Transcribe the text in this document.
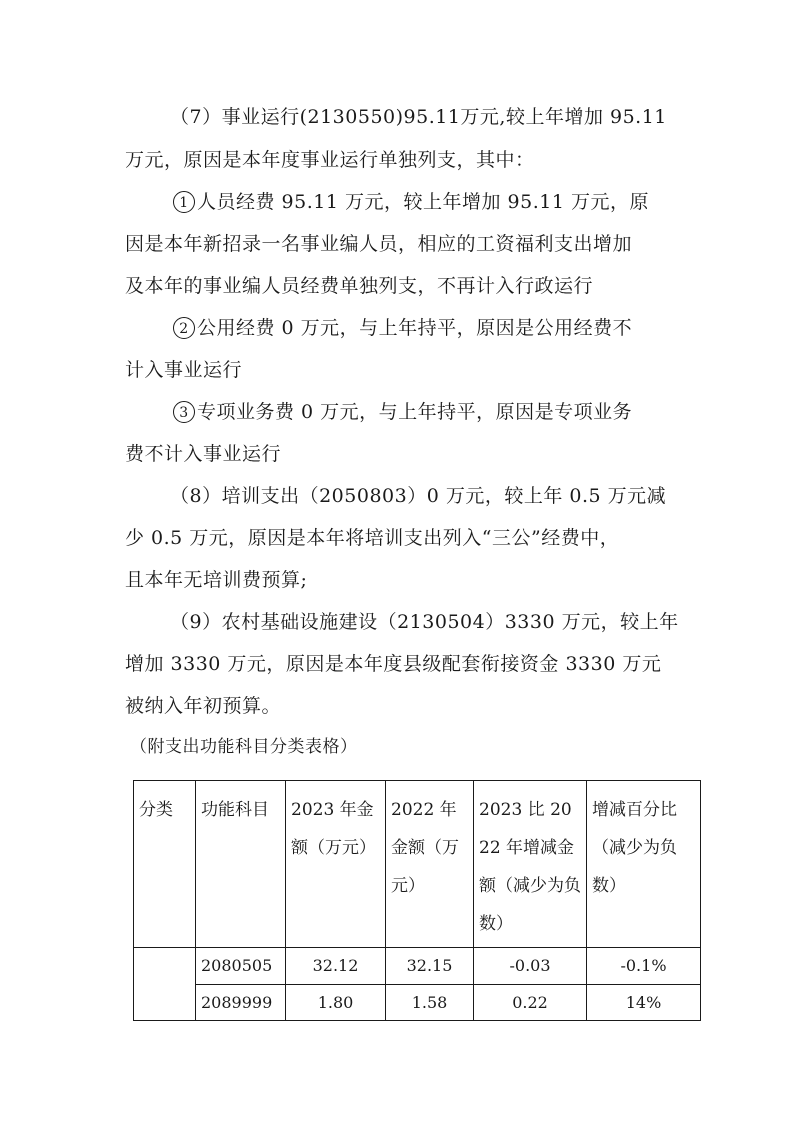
（7）事业运行(2130550)95.11万元,较上年增加 95.11
万元，原因是本年度事业运行单独列支，其中：
1 人员经费 95.11 万元，较上年增加 95.11 万元，原
因是本年新招录一名事业编人员，相应的工资福利支出增加
及本年的事业编人员经费单独列支，不再计入行政运行
2 公用经费 0 万元，与上年持平，原因是公用经费不
计入事业运行
3 专项业务费 0 万元，与上年持平，原因是专项业务
费不计入事业运行
（8）培训支出（2050803）0 万元，较上年 0.5 万元减
少 0.5 万元，原因是本年将培训支出列入“三公”经费中，
且本年无培训费预算;
（9）农村基础设施建设（2130504）3330 万元，较上年
增加 3330 万元，原因是本年度县级配套衔接资金 3330 万元
被纳入年初预算。
（附支出功能科目分类表格）
分类	功能科目	2023 年金额（万元）	2022 年金额（万元）	2023 比 2022 年增减金额（减少为负数）	增减百分比（减少为负数）
	2080505	32.12	32.15	-0.03	-0.1%
	2089999	1.80	1.58	0.22	14%
